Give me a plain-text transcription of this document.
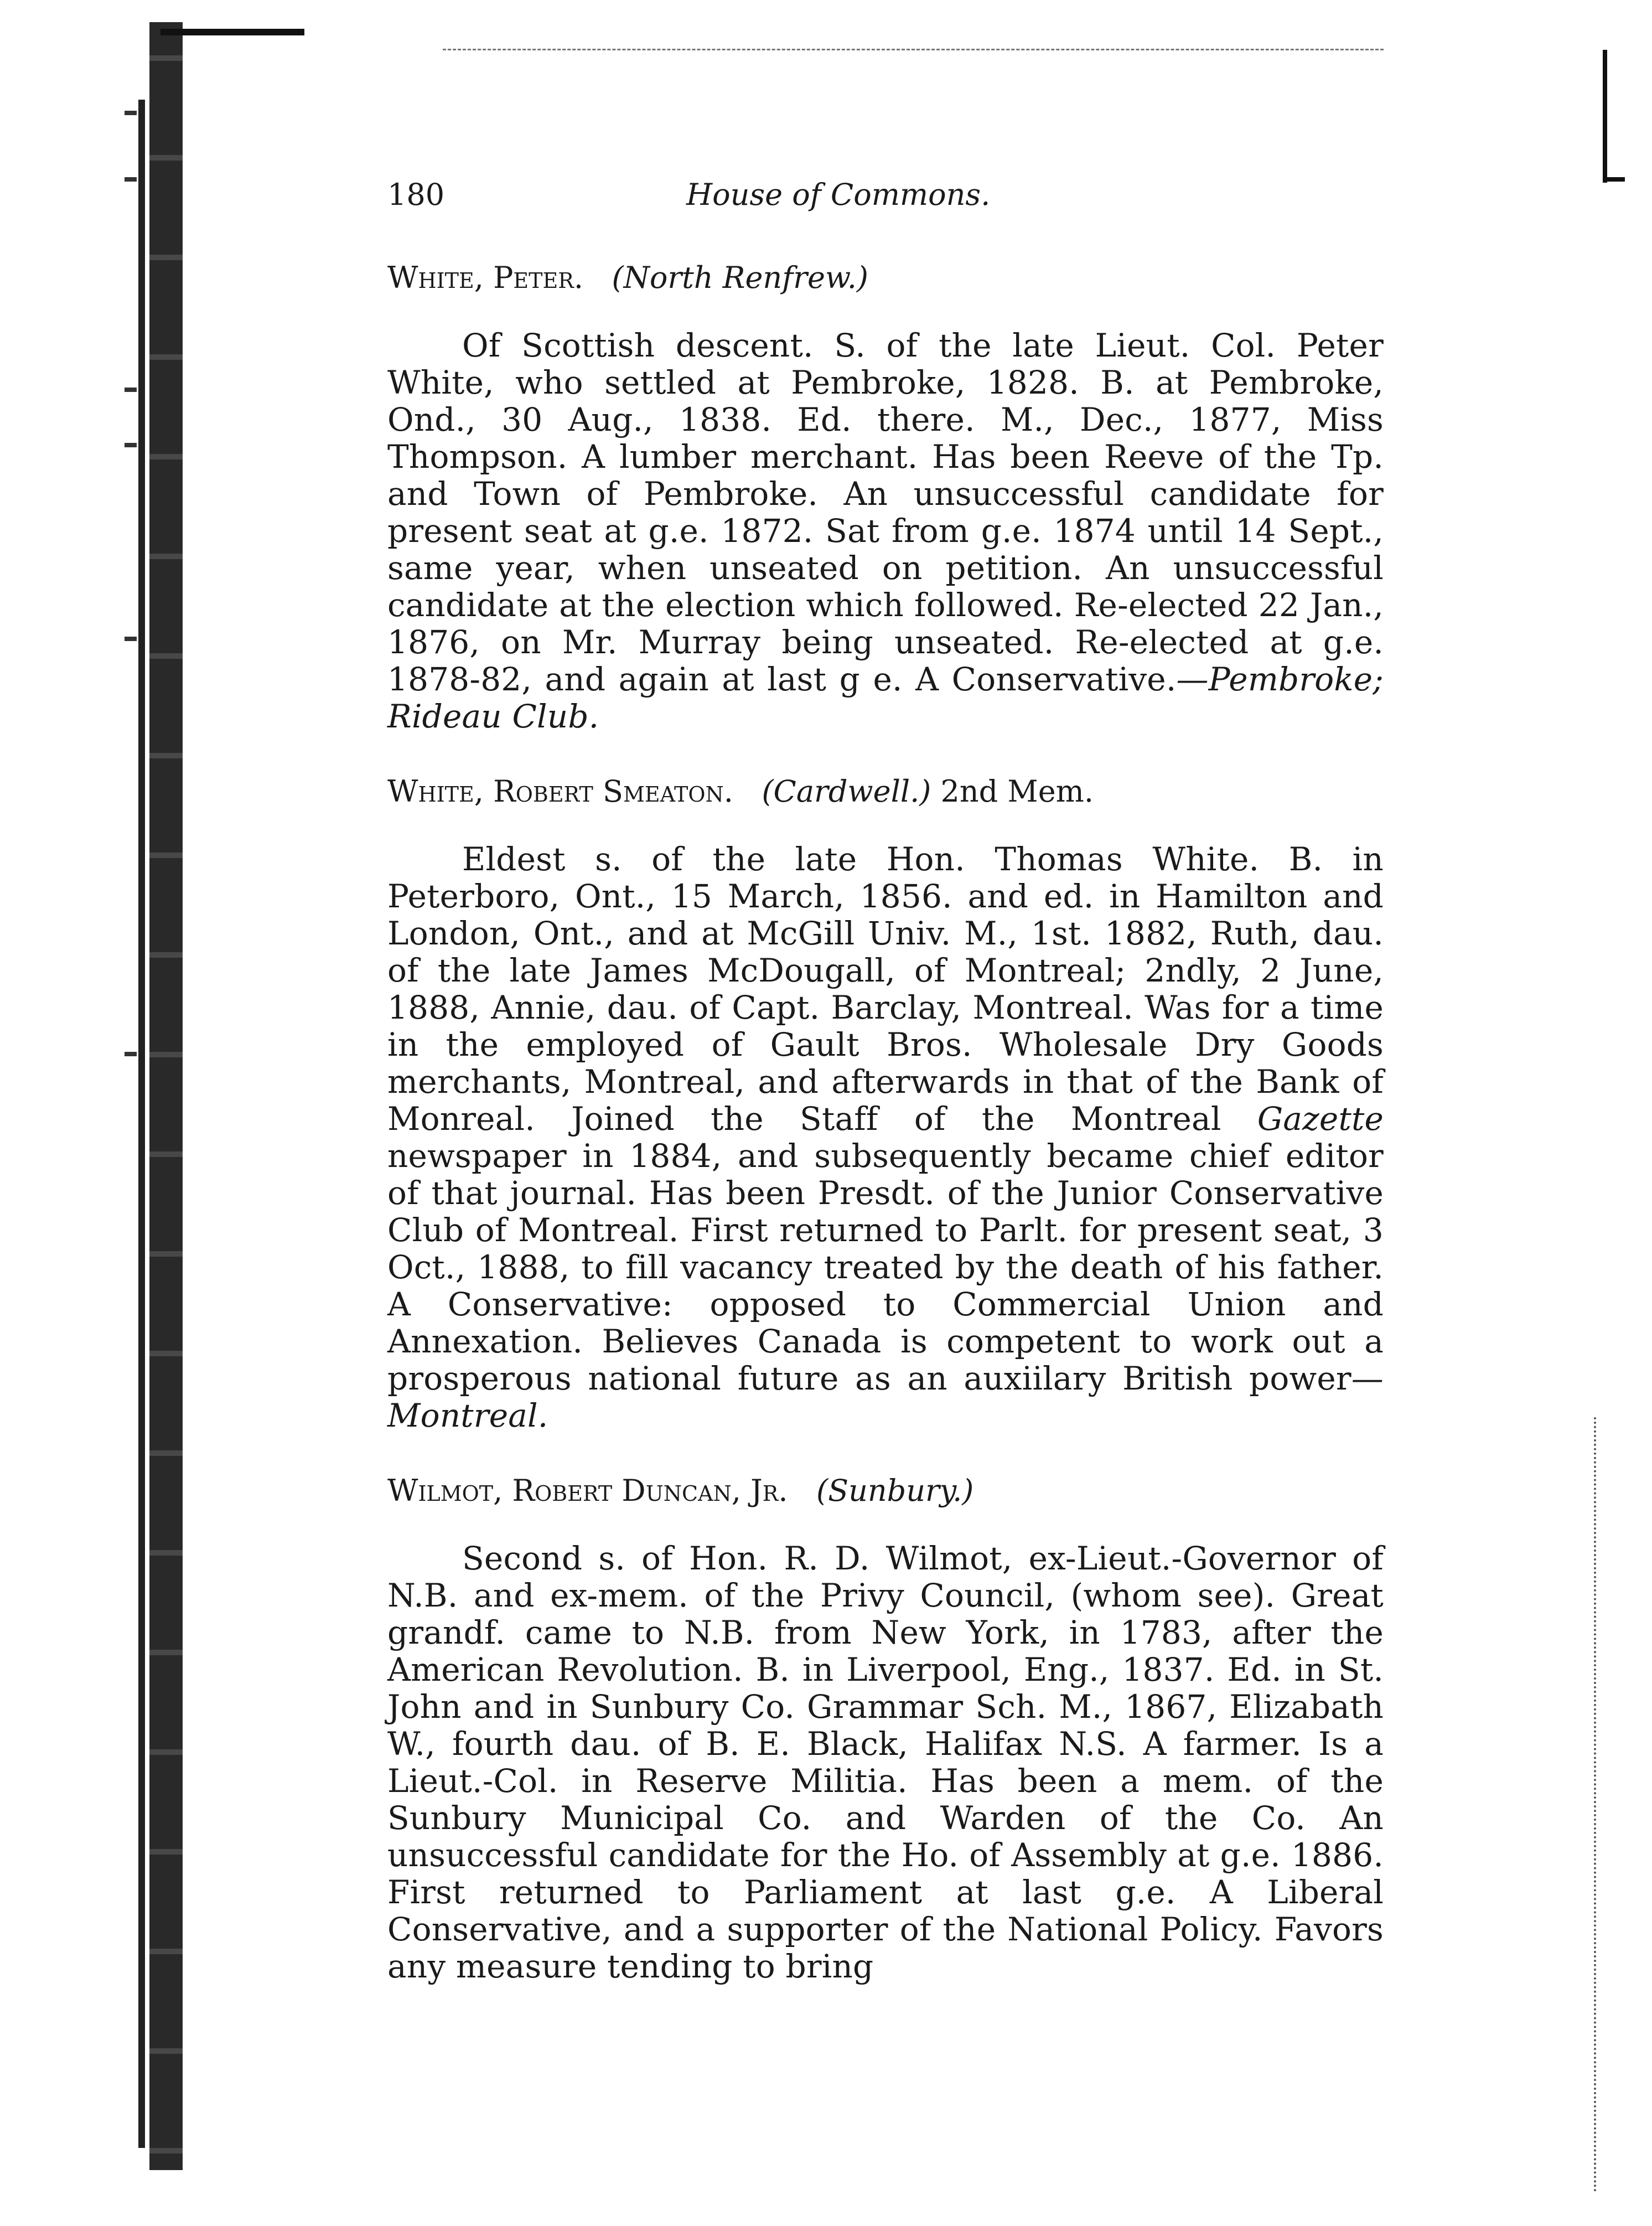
180	House of Commons.
White, Peter. (North Renfrew.)

Of Scottish descent. S. of the late Lieut. Col. Peter White, who settled at Pembroke, 1828. B. at Pembroke, Ond., 30 Aug., 1838. Ed. there. M., Dec., 1877, Miss Thompson. A lumber merchant. Has been Reeve of the Tp. and Town of Pembroke. An unsuccessful candidate for present seat at g.e. 1872. Sat from g.e. 1874 until 14 Sept., same year, when unseated on petition. An unsuccessful candidate at the election which followed. Re-elected 22 Jan., 1876, on Mr. Murray being unseated. Re-elected at g.e. 1878-82, and again at last g e. A Conservative.—Pembroke; Rideau Club.

White, Robert Smeaton. (Cardwell.) 2nd Mem.

Eldest s. of the late Hon. Thomas White. B. in Peterboro, Ont., 15 March, 1856. and ed. in Hamilton and London, Ont., and at McGill Univ. M., 1st. 1882, Ruth, dau. of the late James McDougall, of Montreal; 2ndly, 2 June, 1888, Annie, dau. of Capt. Barclay, Montreal. Was for a time in the employed of Gault Bros. Wholesale Dry Goods merchants, Montreal, and afterwards in that of the Bank of Monreal. Joined the Staff of the Montreal Gazette newspaper in 1884, and subsequently became chief editor of that journal. Has been Presdt. of the Junior Conservative Club of Montreal. First returned to Parlt. for present seat, 3 Oct., 1888, to fill vacancy treated by the death of his father. A Conservative: opposed to Commercial Union and Annexation. Believes Canada is competent to work out a prosperous national future as an auxiilary British power—Montreal.

Wilmot, Robert Duncan, Jr. (Sunbury.)

Second s. of Hon. R. D. Wilmot, ex-Lieut.-Governor of N.B. and ex-mem. of the Privy Council, (whom see). Great grandf. came to N.B. from New York, in 1783, after the American Revolution. B. in Liverpool, Eng., 1837. Ed. in St. John and in Sunbury Co. Grammar Sch. M., 1867, Elizabath W., fourth dau. of B. E. Black, Halifax N.S. A farmer. Is a Lieut.-Col. in Reserve Militia. Has been a mem. of the Sunbury Municipal Co. and Warden of the Co. An unsuccessful candidate for the Ho. of Assembly at g.e. 1886. First returned to Parliament at last g.e. A Liberal Conservative, and a supporter of the National Policy. Favors any measure tending to bring
